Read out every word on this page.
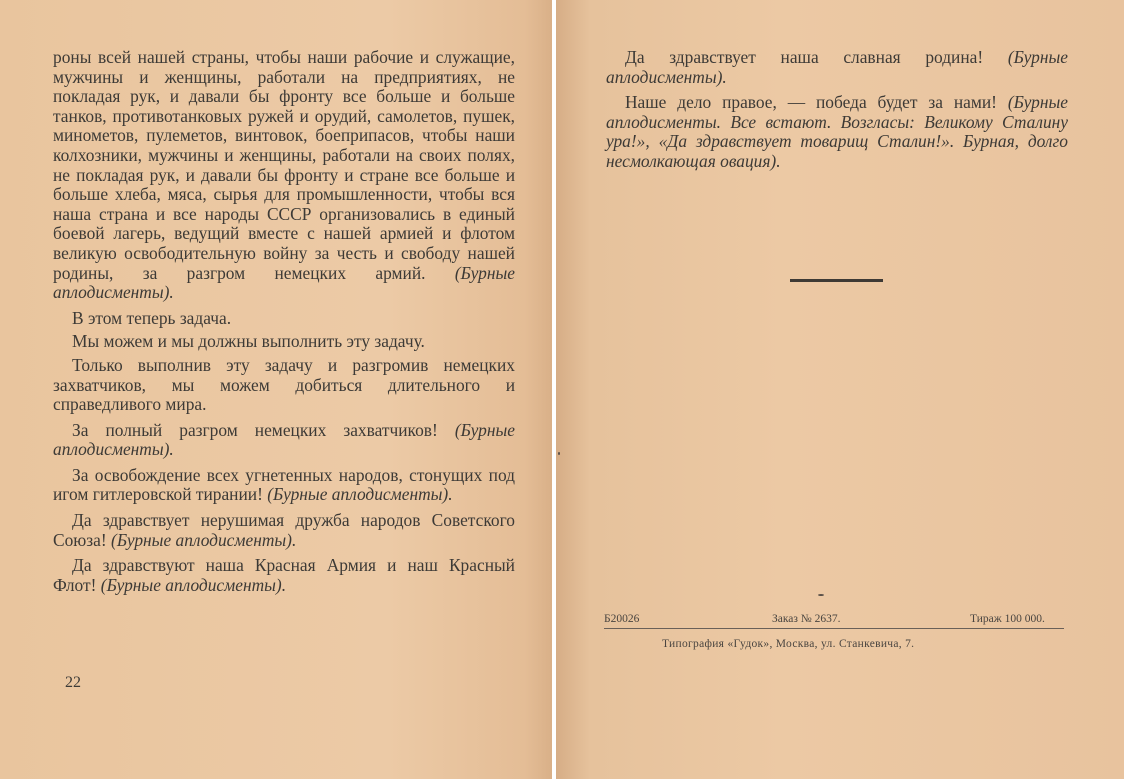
роны всей нашей страны, чтобы наши рабочие и служащие, мужчины и женщины, работали на предприятиях, не покладая рук, и давали бы фронту все больше и больше танков, противотанковых ружей и орудий, самолетов, пушек, минометов, пулеметов, винтовок, боеприпасов, чтобы наши колхозники, мужчины и женщины, работали на своих полях, не покладая рук, и давали бы фронту и стране все больше и больше хлеба, мяса, сырья для промышленности, чтобы вся наша страна и все народы СССР организовались в единый боевой лагерь, ведущий вместе с нашей армией и флотом великую освободительную войну за честь и свободу нашей родины, за разгром немецких армий. (Бурные аплодисменты).

В этом теперь задача.

Мы можем и мы должны выполнить эту задачу.

Только выполнив эту задачу и разгромив немецких захватчиков, мы можем добиться длительного и справедливого мира.

За полный разгром немецких захватчиков! (Бурные аплодисменты).

За освобождение всех угнетенных народов, стонущих под игом гитлеровской тирании! (Бурные аплодисменты).

Да здравствует нерушимая дружба народов Советского Союза! (Бурные аплодисменты).

Да здравствуют наша Красная Армия и наш Красный Флот! (Бурные аплодисменты).

22

Да здравствует наша славная родина! (Бурные аплодисменты).

Наше дело правое, — победа будет за нами! (Бурные аплодисменты. Все встают. Возгласы: Великому Сталину ура!», «Да здравствует товарищ Сталин!». Бурная, долго несмолкающая овация).

Б20026	Заказ № 2637.	Тираж 100 000.
Типография «Гудок», Москва, ул. Станкевича, 7.
